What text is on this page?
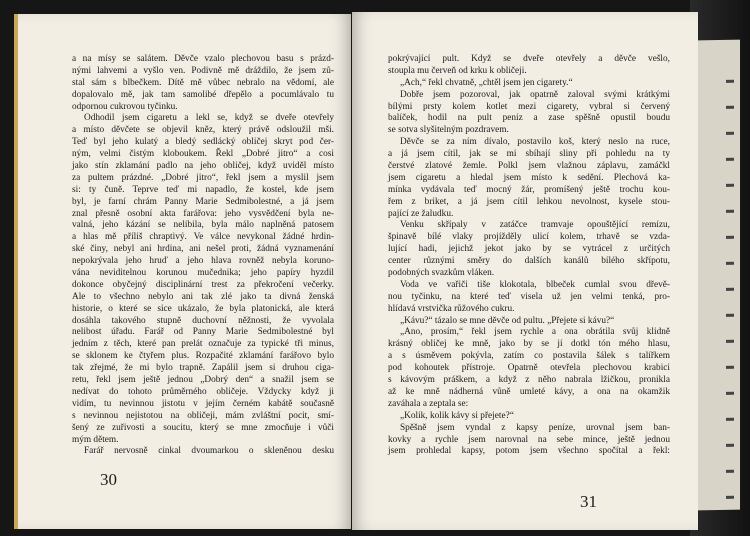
a na mísy se salátem. Děvče vzalo plechovou basu s prázd-
nými lahvemi a vyšlo ven. Podivně mě dráždilo, že jsem zů-
stal sám s blbečkem. Dítě mě vůbec nebralo na vědomí, ale
dopalovalo mě, jak tam samolibé dřepělo a pocumlávalo tu
odpornou cukrovou tyčinku.
Odhodil jsem cigaretu a lekl se, když se dveře otevřely
a místo děvčete se objevil kněz, který právě odsloužil mši.
Teď byl jeho kulatý a bledý sedlácký obličej skryt pod čer-
ným, velmi čistým kloboukem. Řekl „Dobré jitro“ a cosi
jako stín zklamání padlo na jeho obličej, když uviděl místo
za pultem prázdné. „Dobré jitro“, řekl jsem a myslil jsem
si: ty čuně. Teprve teď mi napadlo, že kostel, kde jsem
byl, je farní chrám Panny Marie Sedmibolestné, a já jsem
znal přesně osobní akta farářova: jeho vysvědčení byla ne-
valná, jeho kázání se nelíbila, byla málo naplněná patosem
a hlas mě příliš chraptivý. Ve válce nevykonal žádné hrdin-
ské činy, nebyl ani hrdina, ani nešel proti, žádná vyznamenání
nepokrývala jeho hruď a jeho hlava rovněž nebyla koruno-
vána neviditelnou korunou mučednika; jeho papíry hyzdil
dokonce obyčejný disciplinární trest za překročení večerky.
Ale to všechno nebylo ani tak zlé jako ta divná ženská
historie, o které se sice ukázalo, že byla platonická, ale která
dosáhla takového stupně duchovní něžnosti, že vyvolala
nelibost úřadu. Farář od Panny Marie Sedmibolestné byl
jedním z těch, které pan prelát označuje za typické tři minus,
se sklonem ke čtyřem plus. Rozpačité zklamání farářovo bylo
tak zřejmé, že mi bylo trapně. Zapálil jsem si druhou ciga-
retu, řekl jsem ještě jednou „Dobrý den“ a snažil jsem se
nedívat do tohoto průměrného obličeje. Vždycky když ji
vidím, tu nevinnou jistotu v jejím černém kabátě současně
s nevinnou nejistotou na obličeji, mám zvláštní pocit, smí-
šený ze zuřivosti a soucitu, který se mne zmocňuje i vůči
mým dětem.
Farář nervosně cinkal dvoumarkou o skleněnou desku
30
pokrývající pult. Když se dveře otevřely a děvče vešlo,
stoupla mu červeň od krku k obličeji.
„Ach,“ řekl chvatně, „chtěl jsem jen cigarety.“
Dobře jsem pozoroval, jak opatrně zaloval svými krátkými
bílými prsty kolem kotlet mezi cigarety, vybral si červený
balíček, hodil na pult peníz a zase spěšně opustil boudu
se sotva slyšitelným pozdravem.
Děvče se za ním dívalo, postavilo koš, který neslo na ruce,
a já jsem cítil, jak se mi sbíhají sliny při pohledu na ty
čerstvé zlatové žemle. Polkl jsem vlažnou záplavu, zamáčkl
jsem cigaretu a hledal jsem místo k sedění. Plechová ka-
mínka vydávala teď mocný žár, promíšený ještě trochu kou-
řem z briket, a já jsem cítil lehkou nevolnost, kysele stou-
pající ze žaludku.
Venku skřípaly v zatáčce tramvaje opouštějící remízu,
špinavě bílé vlaky projížděly ulicí kolem, trhavě se vzda-
lující hadi, jejichž jekot jako by se vytrácel z určitých
center různými směry do dalších kanálů bílého skřípotu,
podobných svazkům vláken.
Voda ve vařiči tiše klokotala, blbeček cumlal svou dřevě-
nou tyčinku, na které teď visela už jen velmi tenká, pro-
hlídavá vrstvička růžového cukru.
„Kávu?“ tázalo se mne děvče od pultu. „Přejete si kávu?“
„Ano, prosím,“ řekl jsem rychle a ona obrátila svůj klidně
krásný obličej ke mně, jako by se jí dotkl tón mého hlasu,
a s úsměvem pokývla, zatím co postavila šálek s talířkem
pod kohoutek přístroje. Opatrně otevřela plechovou krabici
s kávovým práškem, a když z něho nabrala lžičkou, pronikla
až ke mně nádherná vůně umleté kávy, a ona na okamžik
zaváhala a zeptala se:
„Kolik, kolik kávy si přejete?“
Spěšně jsem vyndal z kapsy peníze, urovnal jsem ban-
kovky a rychle jsem narovnal na sebe mince, ještě jednou
jsem prohledal kapsy, potom jsem všechno spočítal a řekl:
31
